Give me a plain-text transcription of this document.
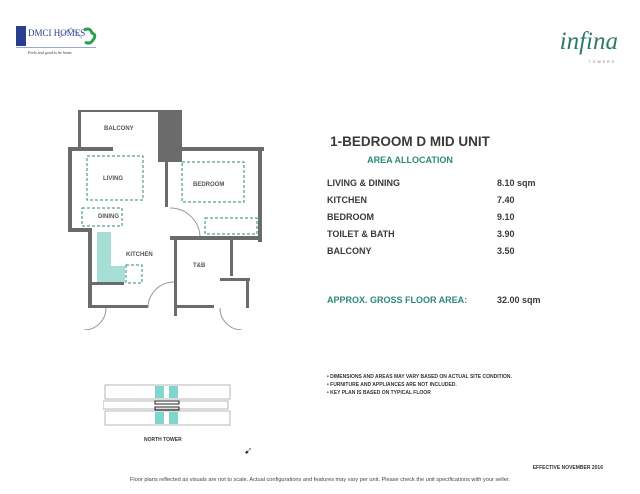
DMCI HOMES
Feels real good to be home	infina
TOWERS
BALCONY
LIVING
DINING
BEDROOM
KITCHEN
T&B
1-BEDROOM D MID UNIT
AREA ALLOCATION
LIVING & DINING	8.10 sqm
KITCHEN	7.40
BEDROOM	9.10
TOILET & BATH	3.90
BALCONY	3.50
APPROX. GROSS FLOOR AREA:	32.00 sqm
NORTH TOWER
➹
• DIMENSIONS AND AREAS MAY VARY BASED ON ACTUAL SITE CONDITION.
• FURNITURE AND APPLIANCES ARE NOT INCLUDED.
• KEY PLAN IS BASED ON TYPICAL FLOOR
EFFECTIVE NOVEMBER 2016
Floor plans reflected as visuals are not to scale. Actual configurations and features may vary per unit. Please check the unit specifications with your seller.
